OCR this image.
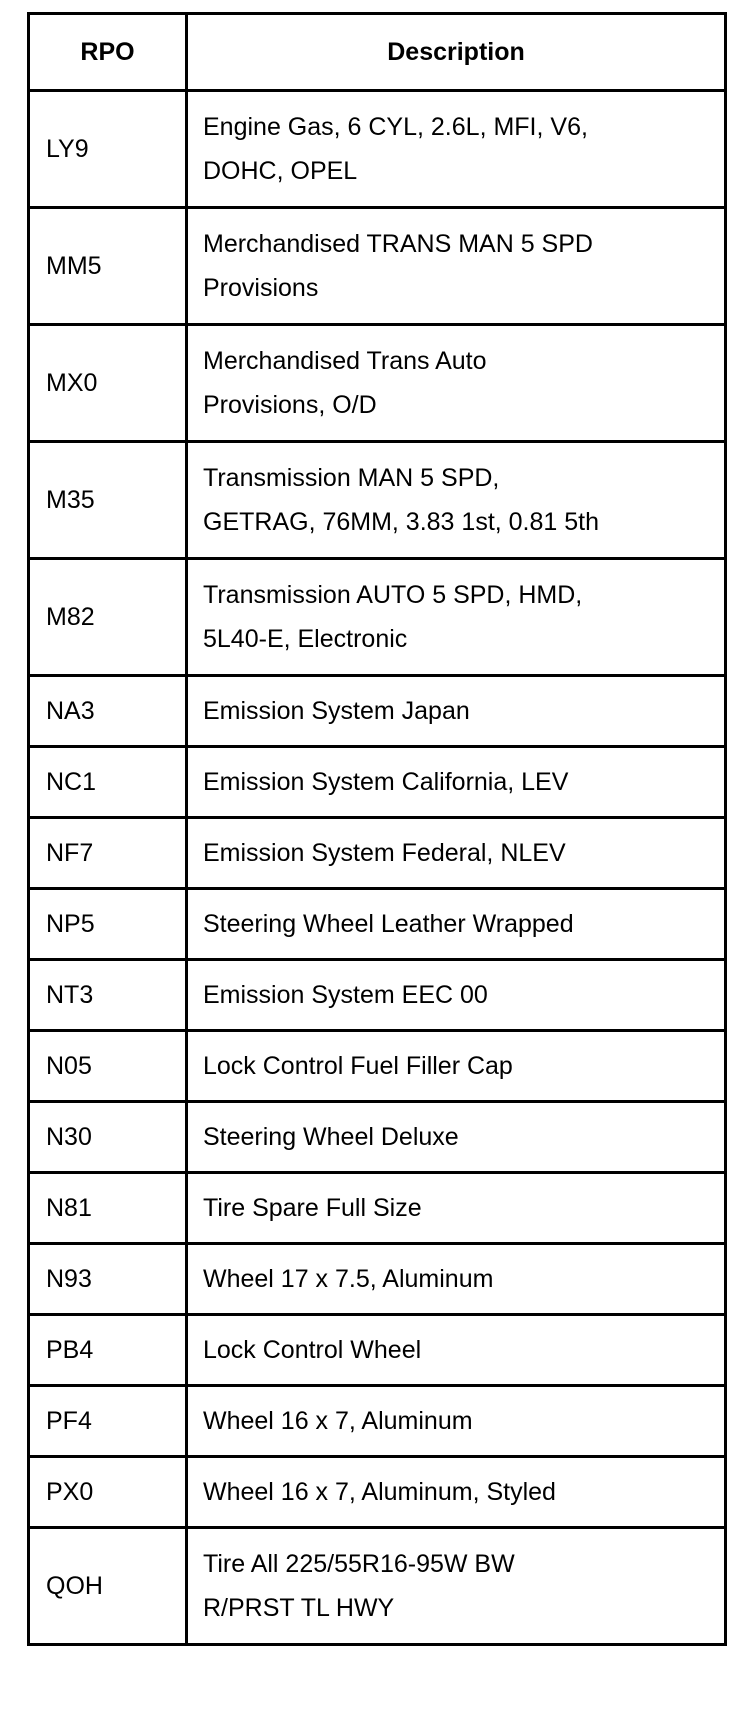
RPO	Description
LY9	Engine Gas, 6 CYL, 2.6L, MFI, V6,
DOHC, OPEL

MM5	Merchandised TRANS MAN 5 SPD
Provisions

MX0	Merchandised Trans Auto
Provisions, O/D

M35	Transmission MAN 5 SPD,
GETRAG, 76MM, 3.83 1st, 0.81 5th

M82	Transmission AUTO 5 SPD, HMD,
5L40-E, Electronic

NA3	Emission System Japan

NC1	Emission System California, LEV

NF7	Emission System Federal, NLEV

NP5	Steering Wheel Leather Wrapped

NT3	Emission System EEC 00

N05	Lock Control Fuel Filler Cap

N30	Steering Wheel Deluxe

N81	Tire Spare Full Size

N93	Wheel 17 x 7.5, Aluminum

PB4	Lock Control Wheel

PF4	Wheel 16 x 7, Aluminum

PX0	Wheel 16 x 7, Aluminum, Styled

QOH	Tire All 225/55R16-95W BW
R/PRST TL HWY
